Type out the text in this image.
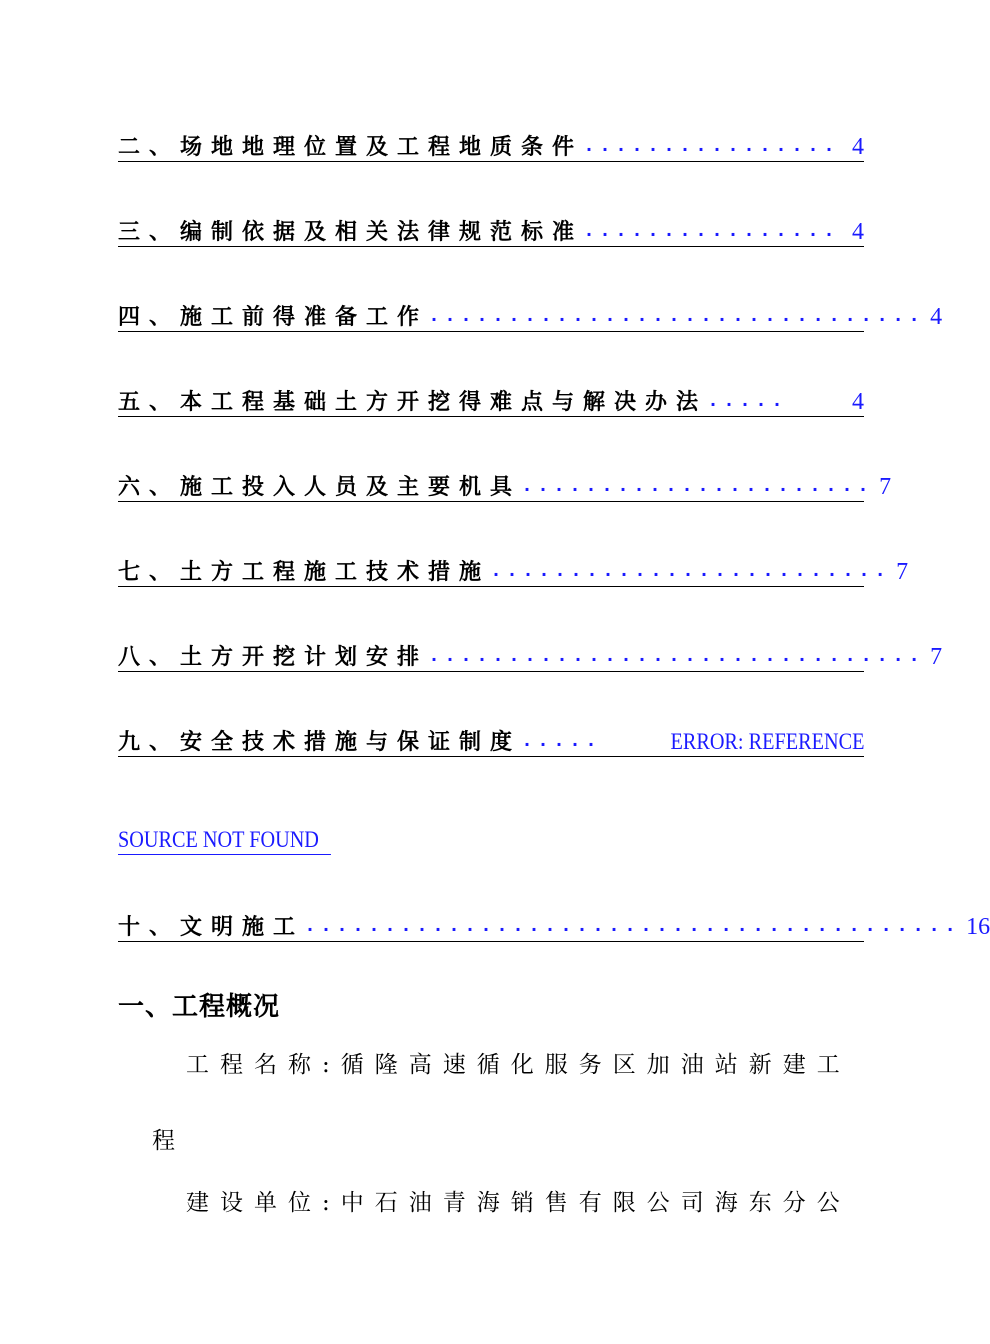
二、场地地理位置及工程地质条件 ................ 4
三、编制依据及相关法律规范标准 ................ 4
四、施工前得准备工作 ............................... 4
五、本工程基础土方开挖得难点与解决办法 .....	4
六、施工投入人员及主要机具 ...................... 7
七、土方工程施工技术措施 ......................... 7
八、土方开挖计划安排 ............................... 7
九、安全技术措施与保证制度 .....	ERROR: REFERENCE
SOURCE NOT FOUND
十、文明施工 ......................................... 16
一、工程概况
工程名称:循隆高速循化服务区加油站新建工
程
建设单位:中石油青海销售有限公司海东分公
